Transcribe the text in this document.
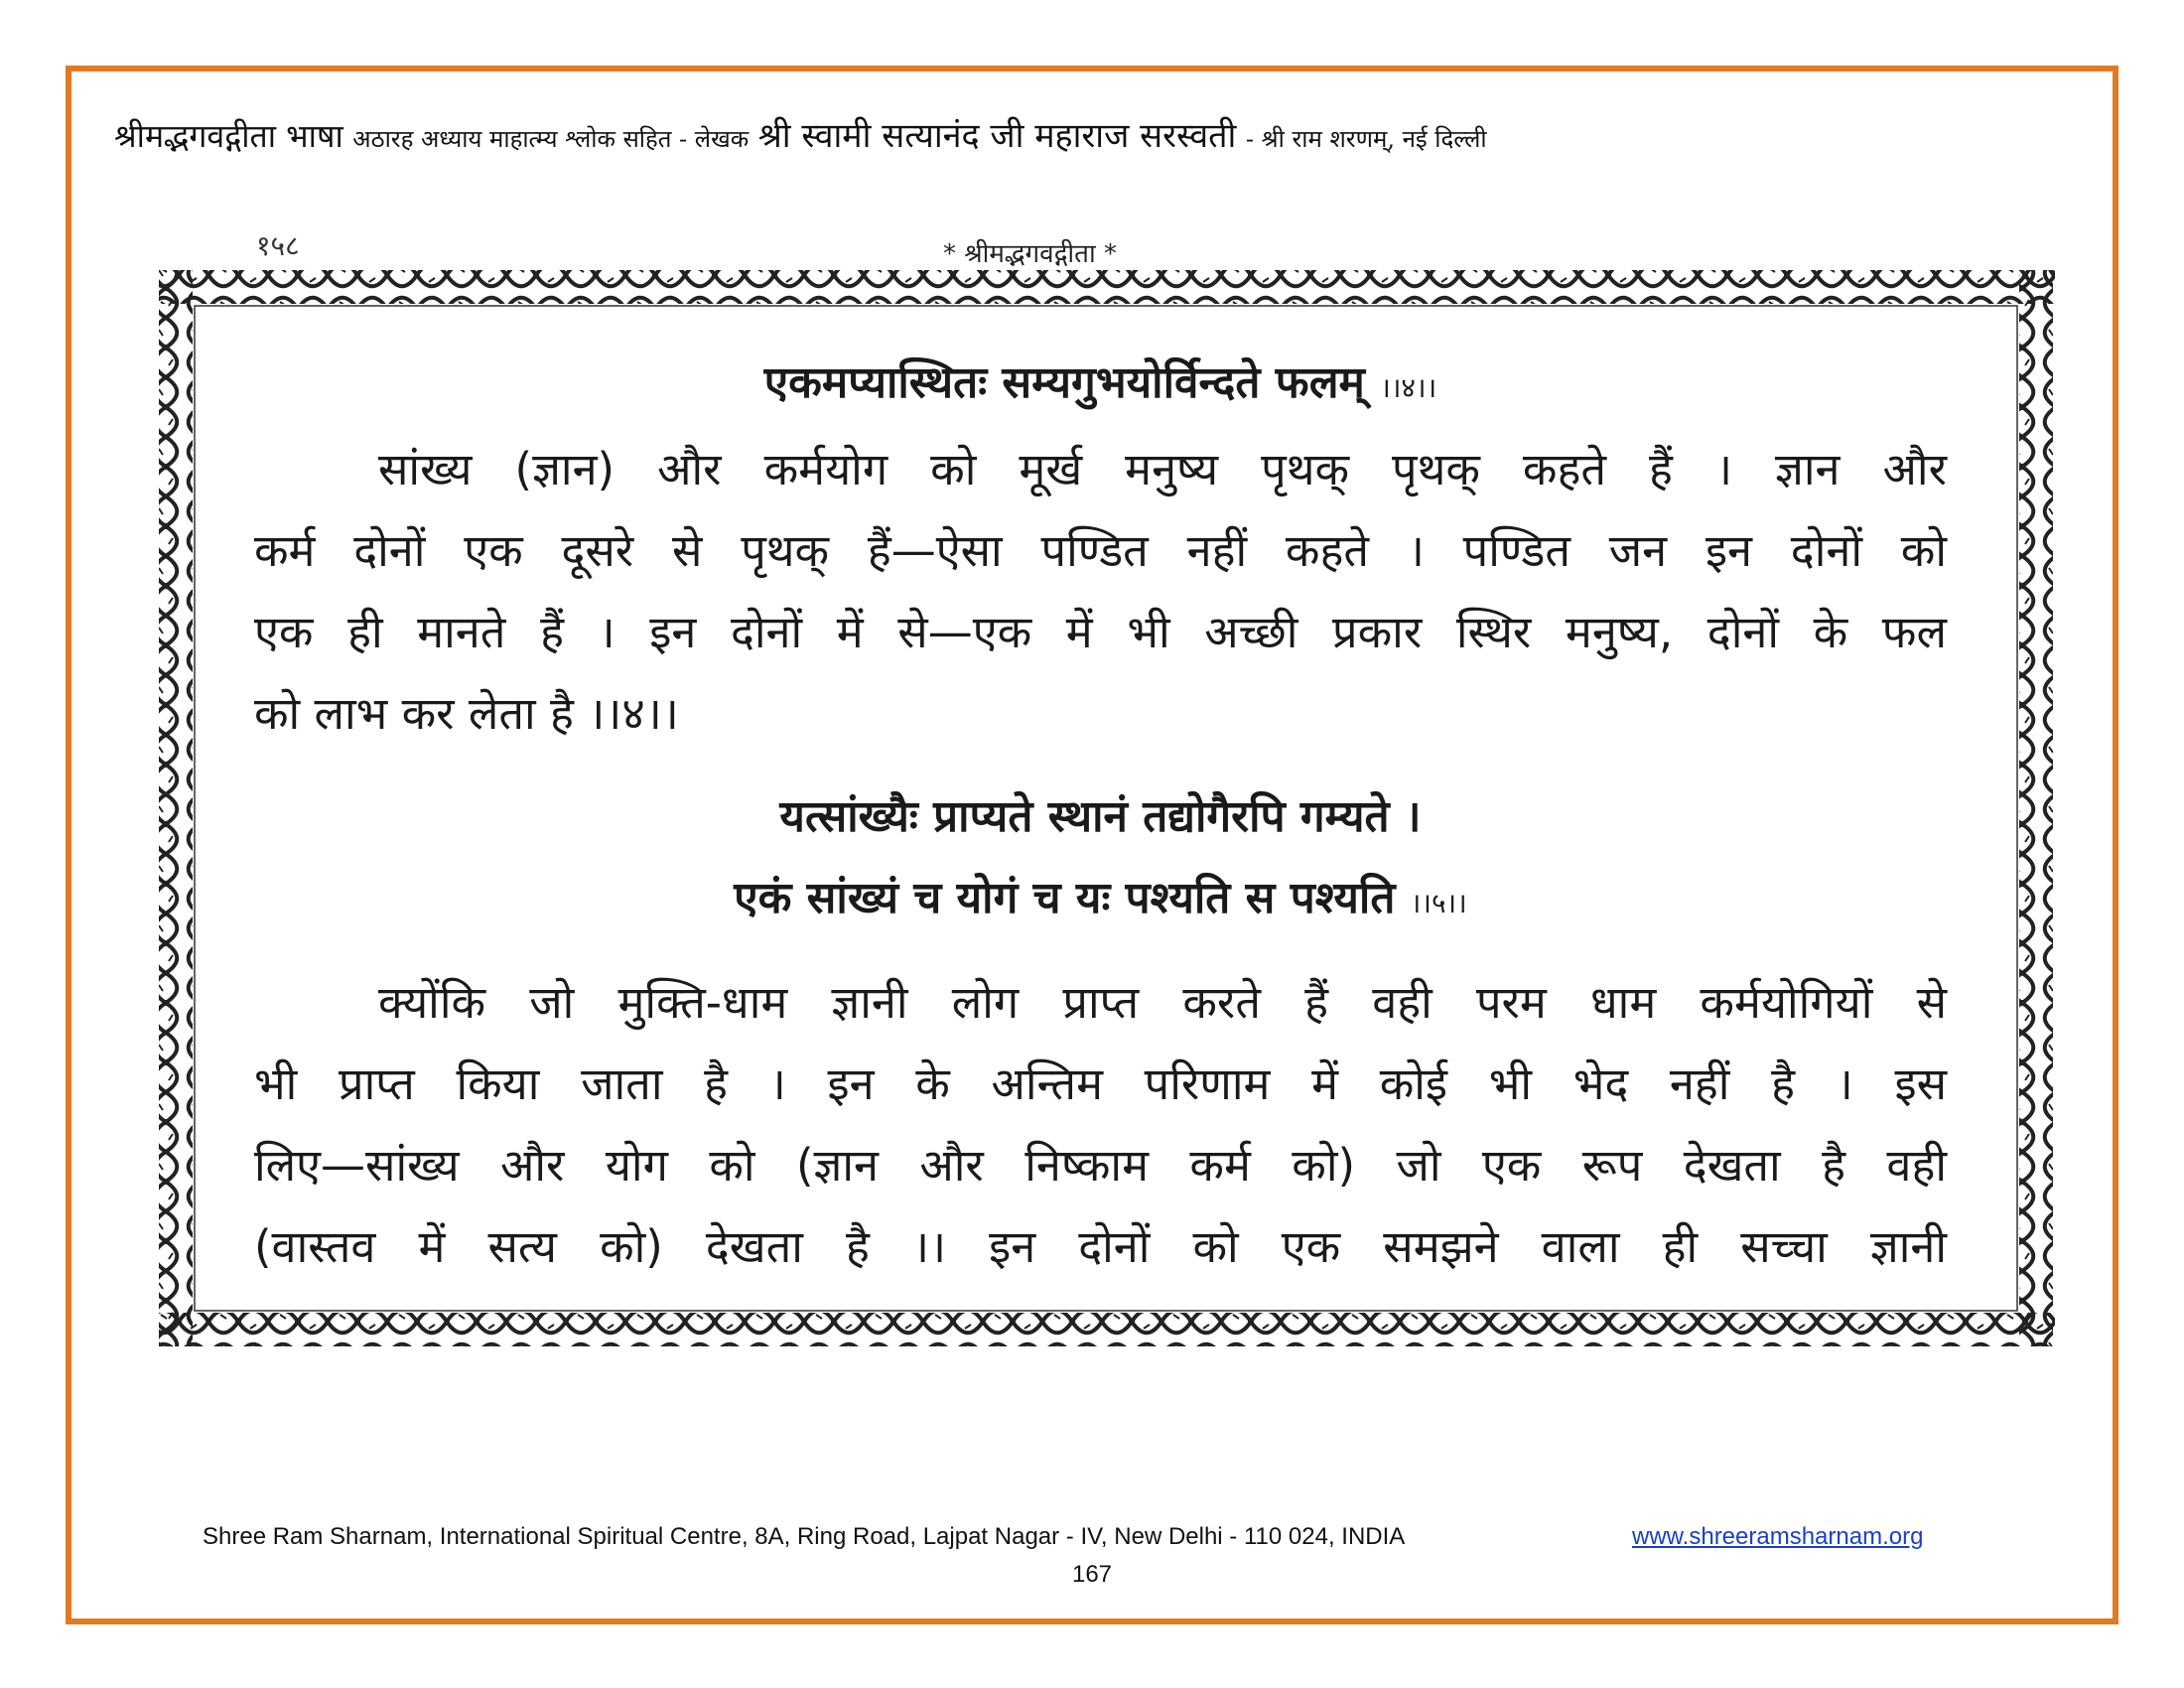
श्रीमद्भगवद्गीता भाषा अठारह अध्याय माहात्म्य श्लोक सहित - लेखक श्री स्वामी सत्यानंद जी महाराज सरस्वती - श्री राम शरणम्, नई दिल्ली
१५८	* श्रीमद्भगवद्गीता *
एकमप्यास्थितः सम्यगुभयोर्विन्दते फलम् ।।४।।
सांख्य (ज्ञान) और कर्मयोग को मूर्ख मनुष्य पृथक् पृथक् कहते हैं । ज्ञान और
कर्म दोनों एक दूसरे से पृथक् हैं—ऐसा पण्डित नहीं कहते । पण्डित जन इन दोनों को
एक ही मानते हैं । इन दोनों में से—एक में भी अच्छी प्रकार स्थिर मनुष्य, दोनों के फल
को लाभ कर लेता है ।।४।।
यत्सांख्यैः प्राप्यते स्थानं तद्योगैरपि गम्यते ।
एकं सांख्यं च योगं च यः पश्यति स पश्यति ।।५।।
क्योंकि जो मुक्ति-धाम ज्ञानी लोग प्राप्त करते हैं वही परम धाम कर्मयोगियों से
भी प्राप्त किया जाता है । इन के अन्तिम परिणाम में कोई भी भेद नहीं है । इस
लिए—सांख्य और योग को (ज्ञान और निष्काम कर्म को) जो एक रूप देखता है वही
(वास्तव में सत्य को) देखता है ।। इन दोनों को एक समझने वाला ही सच्चा ज्ञानी
Shree Ram Sharnam, International Spiritual Centre, 8A, Ring Road, Lajpat Nagar - IV, New Delhi - 110 024, INDIA	www.shreeramsharnam.org
167
